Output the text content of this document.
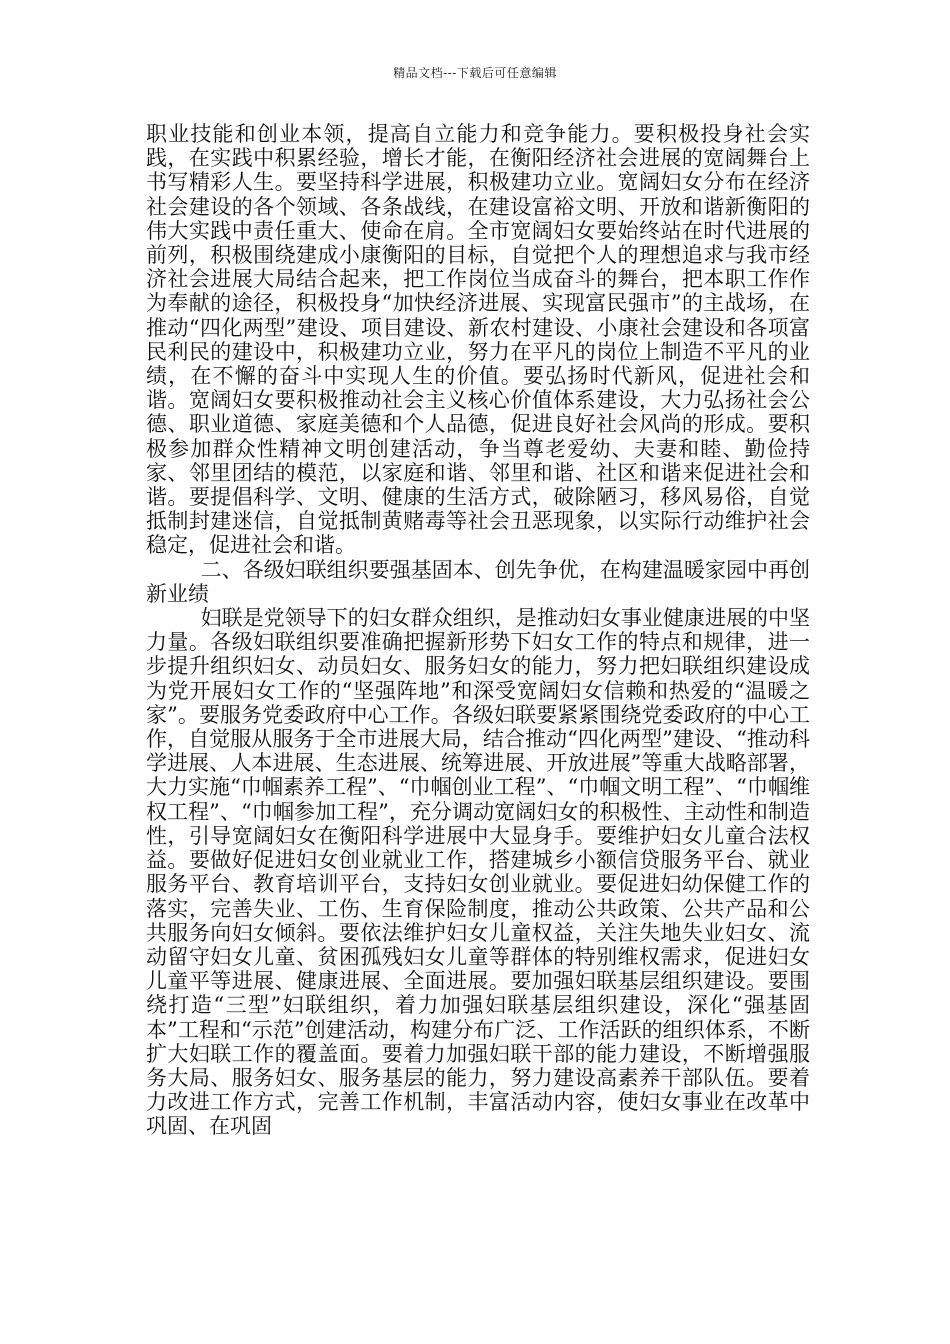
精品文档---下载后可任意编辑

职业技能和创业本领，提高自立能力和竞争能力。要积极投身社会实践，在实践中积累经验，增长才能，在衡阳经济社会进展的宽阔舞台上书写精彩人生。要坚持科学进展，积极建功立业。宽阔妇女分布在经济社会建设的各个领域、各条战线，在建设富裕文明、开放和谐新衡阳的伟大实践中责任重大、使命在肩。全市宽阔妇女要始终站在时代进展的前列，积极围绕建成小康衡阳的目标，自觉把个人的理想追求与我市经济社会进展大局结合起来，把工作岗位当成奋斗的舞台，把本职工作作为奉献的途径，积极投身“加快经济进展、实现富民强市”的主战场，在推动“四化两型”建设、项目建设、新农村建设、小康社会建设和各项富民利民的建设中，积极建功立业，努力在平凡的岗位上制造不平凡的业绩，在不懈的奋斗中实现人生的价值。要弘扬时代新风，促进社会和谐。宽阔妇女要积极推动社会主义核心价值体系建设，大力弘扬社会公德、职业道德、家庭美德和个人品德，促进良好社会风尚的形成。要积极参加群众性精神文明创建活动，争当尊老爱幼、夫妻和睦、勤俭持家、邻里团结的模范，以家庭和谐、邻里和谐、社区和谐来促进社会和谐。要提倡科学、文明、健康的生活方式，破除陋习，移风易俗，自觉抵制封建迷信，自觉抵制黄赌毒等社会丑恶现象，以实际行动维护社会稳定，促进社会和谐。

二、各级妇联组织要强基固本、创先争优，在构建温暖家园中再创新业绩

妇联是党领导下的妇女群众组织，是推动妇女事业健康进展的中坚力量。各级妇联组织要准确把握新形势下妇女工作的特点和规律，进一步提升组织妇女、动员妇女、服务妇女的能力，努力把妇联组织建设成为党开展妇女工作的“坚强阵地”和深受宽阔妇女信赖和热爱的“温暖之家”。要服务党委政府中心工作。各级妇联要紧紧围绕党委政府的中心工作，自觉服从服务于全市进展大局，结合推动“四化两型”建设、“推动科学进展、人本进展、生态进展、统筹进展、开放进展”等重大战略部署，大力实施“巾帼素养工程”、“巾帼创业工程”、“巾帼文明工程”、“巾帼维权工程”、“巾帼参加工程”，充分调动宽阔妇女的积极性、主动性和制造性，引导宽阔妇女在衡阳科学进展中大显身手。要维护妇女儿童合法权益。要做好促进妇女创业就业工作，搭建城乡小额信贷服务平台、就业服务平台、教育培训平台，支持妇女创业就业。要促进妇幼保健工作的落实，完善失业、工伤、生育保险制度，推动公共政策、公共产品和公共服务向妇女倾斜。要依法维护妇女儿童权益，关注失地失业妇女、流动留守妇女儿童、贫困孤残妇女儿童等群体的特别维权需求，促进妇女儿童平等进展、健康进展、全面进展。要加强妇联基层组织建设。要围绕打造“三型”妇联组织，着力加强妇联基层组织建设，深化“强基固本”工程和“示范”创建活动，构建分布广泛、工作活跃的组织体系，不断扩大妇联工作的覆盖面。要着力加强妇联干部的能力建设，不断增强服务大局、服务妇女、服务基层的能力，努力建设高素养干部队伍。要着力改进工作方式，完善工作机制，丰富活动内容，使妇女事业在改革中巩固、在巩固
